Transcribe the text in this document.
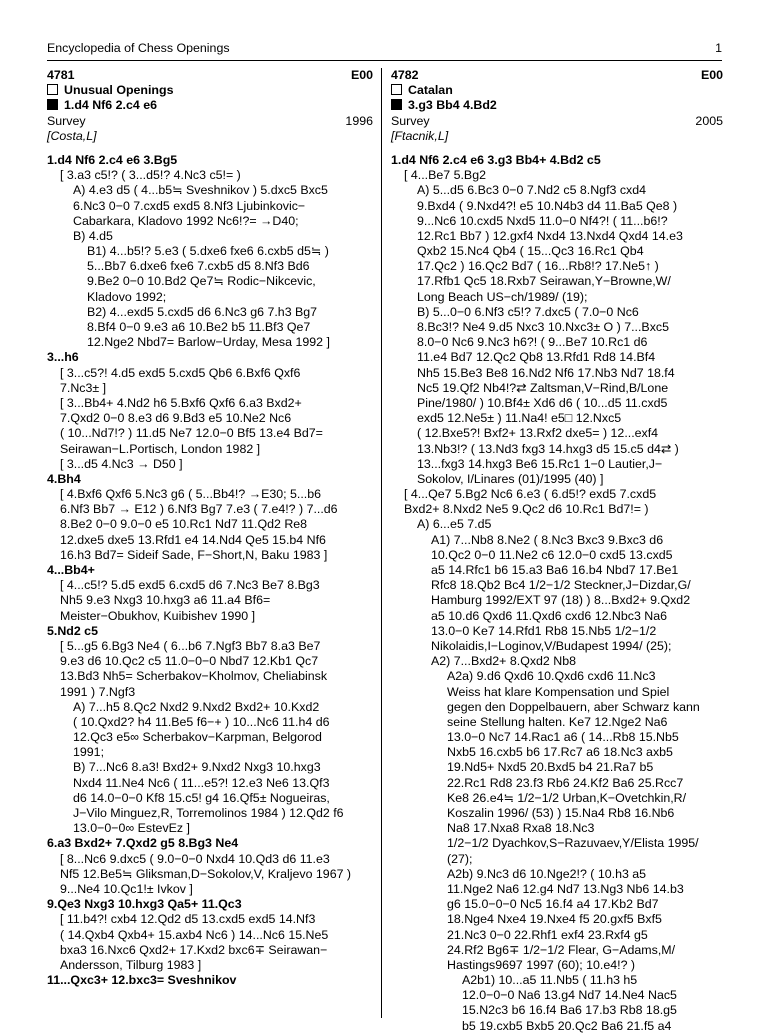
Encyclopedia of Chess Openings	1
4781	E00
Unusual Openings
1.d4 Nf6 2.c4 e6
Survey	1996
[Costa,L]
1.d4 Nf6 2.c4 e6 3.Bg5
[ 3.a3 c5!? ( 3...d5!? 4.Nc3 c5!= )
A) 4.e3 d5 ( 4...b5≒ Sveshnikov ) 5.dxc5 Bxc5
6.Nc3 0−0 7.cxd5 exd5 8.Nf3 Ljubinkovic−
Cabarkara, Kladovo 1992 Nc6!?= →D40;
B) 4.d5
B1) 4...b5!? 5.e3 ( 5.dxe6 fxe6 6.cxb5 d5≒ )
5...Bb7 6.dxe6 fxe6 7.cxb5 d5 8.Nf3 Bd6
9.Be2 0−0 10.Bd2 Qe7≒ Rodic−Nikcevic,
Kladovo 1992;
B2) 4...exd5 5.cxd5 d6 6.Nc3 g6 7.h3 Bg7
8.Bf4 0−0 9.e3 a6 10.Be2 b5 11.Bf3 Qe7
12.Nge2 Nbd7= Barlow−Urday, Mesa 1992 ]
3...h6
[ 3...c5?! 4.d5 exd5 5.cxd5 Qb6 6.Bxf6 Qxf6
7.Nc3± ]
[ 3...Bb4+ 4.Nd2 h6 5.Bxf6 Qxf6 6.a3 Bxd2+
7.Qxd2 0−0 8.e3 d6 9.Bd3 e5 10.Ne2 Nc6
( 10...Nd7!? ) 11.d5 Ne7 12.0−0 Bf5 13.e4 Bd7=
Seirawan−L.Portisch, London 1982 ]
[ 3...d5 4.Nc3 → D50 ]
4.Bh4
[ 4.Bxf6 Qxf6 5.Nc3 g6 ( 5...Bb4!? →E30; 5...b6
6.Nf3 Bb7 → E12 ) 6.Nf3 Bg7 7.e3 ( 7.e4!? ) 7...d6
8.Be2 0−0 9.0−0 e5 10.Rc1 Nd7 11.Qd2 Re8
12.dxe5 dxe5 13.Rfd1 e4 14.Nd4 Qe5 15.b4 Nf6
16.h3 Bd7= Sideif Sade, F−Short,N, Baku 1983 ]
4...Bb4+
[ 4...c5!? 5.d5 exd5 6.cxd5 d6 7.Nc3 Be7 8.Bg3
Nh5 9.e3 Nxg3 10.hxg3 a6 11.a4 Bf6=
Meister−Obukhov, Kuibishev 1990 ]
5.Nd2 c5
[ 5...g5 6.Bg3 Ne4 ( 6...b6 7.Ngf3 Bb7 8.a3 Be7
9.e3 d6 10.Qc2 c5 11.0−0−0 Nbd7 12.Kb1 Qc7
13.Bd3 Nh5= Scherbakov−Kholmov, Cheliabinsk
1991 ) 7.Ngf3
A) 7...h5 8.Qc2 Nxd2 9.Nxd2 Bxd2+ 10.Kxd2
( 10.Qxd2? h4 11.Be5 f6−+ ) 10...Nc6 11.h4 d6
12.Qc3 e5∞ Scherbakov−Karpman, Belgorod
1991;
B) 7...Nc6 8.a3! Bxd2+ 9.Nxd2 Nxg3 10.hxg3
Nxd4 11.Ne4 Nc6 ( 11...e5?! 12.e3 Ne6 13.Qf3
d6 14.0−0−0 Kf8 15.c5! g4 16.Qf5± Nogueiras,
J−Vilo Minguez,R, Torremolinos 1984 ) 12.Qd2 f6
13.0−0−0∞ EstevEz ]
6.a3 Bxd2+ 7.Qxd2 g5 8.Bg3 Ne4
[ 8...Nc6 9.dxc5 ( 9.0−0−0 Nxd4 10.Qd3 d6 11.e3
Nf5 12.Be5≒ Gliksman,D−Sokolov,V, Kraljevo 1967 )
9...Ne4 10.Qc1!± Ivkov ]
9.Qe3 Nxg3 10.hxg3 Qa5+ 11.Qc3
[ 11.b4?! cxb4 12.Qd2 d5 13.cxd5 exd5 14.Nf3
( 14.Qxb4 Qxb4+ 15.axb4 Nc6 ) 14...Nc6 15.Ne5
bxa3 16.Nxc6 Qxd2+ 17.Kxd2 bxc6∓ Seirawan−
Andersson, Tilburg 1983 ]
11...Qxc3+ 12.bxc3= Sveshnikov
4782	E00
Catalan
3.g3 Bb4 4.Bd2
Survey	2005
[Ftacnik,L]
1.d4 Nf6 2.c4 e6 3.g3 Bb4+ 4.Bd2 c5
[ 4...Be7 5.Bg2
A) 5...d5 6.Bc3 0−0 7.Nd2 c5 8.Ngf3 cxd4
9.Bxd4 ( 9.Nxd4?! e5 10.N4b3 d4 11.Ba5 Qe8 )
9...Nc6 10.cxd5 Nxd5 11.0−0 Nf4?! ( 11...b6!?
12.Rc1 Bb7 ) 12.gxf4 Nxd4 13.Nxd4 Qxd4 14.e3
Qxb2 15.Nc4 Qb4 ( 15...Qc3 16.Rc1 Qb4
17.Qc2 ) 16.Qc2 Bd7 ( 16...Rb8!? 17.Ne5↑ )
17.Rfb1 Qc5 18.Rxb7 Seirawan,Y−Browne,W/
Long Beach US−ch/1989/ (19);
B) 5...0−0 6.Nf3 c5!? 7.dxc5 ( 7.0−0 Nc6
8.Bc3!? Ne4 9.d5 Nxc3 10.Nxc3± O ) 7...Bxc5
8.0−0 Nc6 9.Nc3 h6?! ( 9...Be7 10.Rc1 d6
11.e4 Bd7 12.Qc2 Qb8 13.Rfd1 Rd8 14.Bf4
Nh5 15.Be3 Be8 16.Nd2 Nf6 17.Nb3 Nd7 18.f4
Nc5 19.Qf2 Nb4!?⇄ Zaltsman,V−Rind,B/Lone
Pine/1980/ ) 10.Bf4± Xd6 d6 ( 10...d5 11.cxd5
exd5 12.Ne5± ) 11.Na4! e5□ 12.Nxc5
( 12.Bxe5?! Bxf2+ 13.Rxf2 dxe5= ) 12...exf4
13.Nb3!? ( 13.Nd3 fxg3 14.hxg3 d5 15.c5 d4⇄ )
13...fxg3 14.hxg3 Be6 15.Rc1 1−0 Lautier,J−
Sokolov, I/Linares (01)/1995 (40) ]
[ 4...Qe7 5.Bg2 Nc6 6.e3 ( 6.d5!? exd5 7.cxd5
Bxd2+ 8.Nxd2 Ne5 9.Qc2 d6 10.Rc1 Bd7!= )
A) 6...e5 7.d5
A1) 7...Nb8 8.Ne2 ( 8.Nc3 Bxc3 9.Bxc3 d6
10.Qc2 0−0 11.Ne2 c6 12.0−0 cxd5 13.cxd5
a5 14.Rfc1 b6 15.a3 Ba6 16.b4 Nbd7 17.Be1
Rfc8 18.Qb2 Bc4 1/2−1/2 Steckner,J−Dizdar,G/
Hamburg 1992/EXT 97 (18) ) 8...Bxd2+ 9.Qxd2
a5 10.d6 Qxd6 11.Qxd6 cxd6 12.Nbc3 Na6
13.0−0 Ke7 14.Rfd1 Rb8 15.Nb5 1/2−1/2
Nikolaidis,I−Loginov,V/Budapest 1994/ (25);
A2) 7...Bxd2+ 8.Qxd2 Nb8
A2a) 9.d6 Qxd6 10.Qxd6 cxd6 11.Nc3
Weiss hat klare Kompensation und Spiel
gegen den Doppelbauern, aber Schwarz kann
seine Stellung halten. Ke7 12.Nge2 Na6
13.0−0 Nc7 14.Rac1 a6 ( 14...Rb8 15.Nb5
Nxb5 16.cxb5 b6 17.Rc7 a6 18.Nc3 axb5
19.Nd5+ Nxd5 20.Bxd5 b4 21.Ra7 b5
22.Rc1 Rd8 23.f3 Rb6 24.Kf2 Ba6 25.Rcc7
Ke8 26.e4≒ 1/2−1/2 Urban,K−Ovetchkin,R/
Koszalin 1996/ (53) ) 15.Na4 Rb8 16.Nb6
Na8 17.Nxa8 Rxa8 18.Nc3
1/2−1/2 Dyachkov,S−Razuvaev,Y/Elista 1995/
(27);
A2b) 9.Nc3 d6 10.Nge2!? ( 10.h3 a5
11.Nge2 Na6 12.g4 Nd7 13.Ng3 Nb6 14.b3
g6 15.0−0−0 Nc5 16.f4 a4 17.Kb2 Bd7
18.Nge4 Nxe4 19.Nxe4 f5 20.gxf5 Bxf5
21.Nc3 0−0 22.Rhf1 exf4 23.Rxf4 g5
24.Rf2 Bg6∓ 1/2−1/2 Flear, G−Adams,M/
Hastings9697 1997 (60); 10.e4!? )
A2b1) 10...a5 11.Nb5 ( 11.h3 h5
12.0−0−0 Na6 13.g4 Nd7 14.Ne4 Nac5
15.N2c3 b6 16.f4 Ba6 17.b3 Rb8 18.g5
b5 19.cxb5 Bxb5 20.Qc2 Ba6 21.f5 a4
